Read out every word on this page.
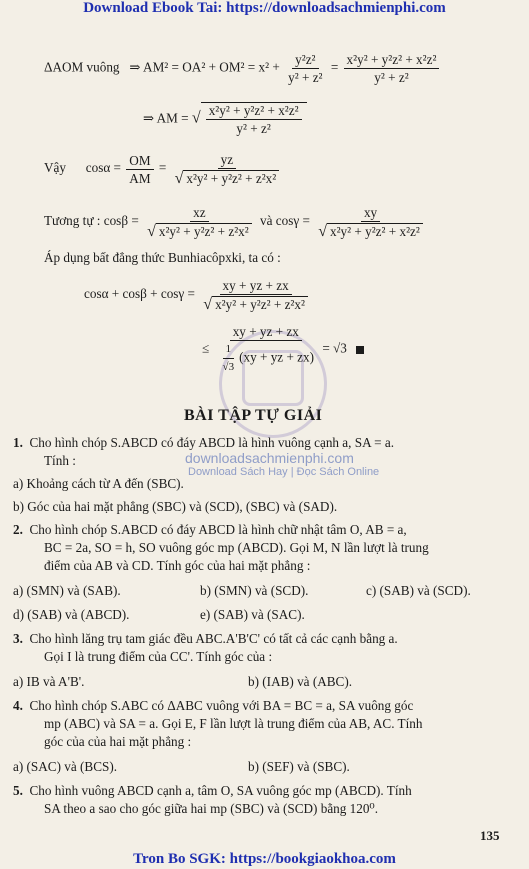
Download Ebook Tai: https://downloadsachmienphi.com
downloadsachmienphi.com
Download Sách Hay | Đọc Sách Online
ΔAOM vuông ⇒ $AM^2 = OA^2 + OM^2 = x^2 + \frac{\text{y²z²}}{\text{y² + z²}} = \frac{\text{x²y² + y²z² + x²z²}}{\text{y² + z²}}$
⇒ AM = √ $\frac{\text{x²y² + y²z² + x²z²}}{\text{y² + z²}}$
Vậy $\cos\alpha = \frac{OM}{AM} = \frac{yz}{\text{√ x²y² + y²z² + z²x²}}$
Tương tự : $\cos\beta = \frac{xz}{\text{√ x²y² + y²z² + z²x²}}$ và $\cos\gamma = \frac{xy}{\text{√ x²y² + y²z² + x²z²}}$
Áp dụng bất đẳng thức Bunhiacôpxki, ta có :
$\cos\alpha + \cos\beta + \cos\gamma = \frac{xy + yz + zx}{\text{√ x²y² + y²z² + z²x²}}$
≤ $\frac{xy + yz + zx}{\frac{1}{√3} (xy + yz + zx)} = √3$
BÀI TẬP TỰ GIẢI
1. Cho hình chóp S.ABCD có đáy ABCD là hình vuông cạnh a, SA = a.
Tính :
a) Khoảng cách từ A đến (SBC).
b) Góc của hai mặt phẳng (SBC) và (SCD), (SBC) và (SAD).
2. Cho hình chóp S.ABCD có đáy ABCD là hình chữ nhật tâm O, AB = a,
BC = 2a, SO = h, SO vuông góc mp (ABCD). Gọi M, N lần lượt là trung
điểm của AB và CD. Tính góc của hai mặt phẳng :
a) (SMN) và (SAB).	b) (SMN) và (SCD).	c) (SAB) và (SCD).
d) (SAB) và (ABCD).	e) (SAB) và (SAC).
3. Cho hình lăng trụ tam giác đều ABC.A'B'C' có tất cả các cạnh bằng a.
Gọi I là trung điểm của CC'. Tính góc của :
a) IB và A'B'.	b) (IAB) và (ABC).
4. Cho hình chóp S.ABC có ΔABC vuông với BA = BC = a, SA vuông góc
mp (ABC) và SA = a. Gọi E, F lần lượt là trung điểm của AB, AC. Tính
góc của của hai mặt phẳng :
a) (SAC) và (BCS).	b) (SEF) và (SBC).
5. Cho hình vuông ABCD cạnh a, tâm O, SA vuông góc mp (ABCD). Tính
SA theo a sao cho góc giữa hai mp (SBC) và (SCD) bằng 120⁰.
135
Tron Bo SGK: https://bookgiaokhoa.com
